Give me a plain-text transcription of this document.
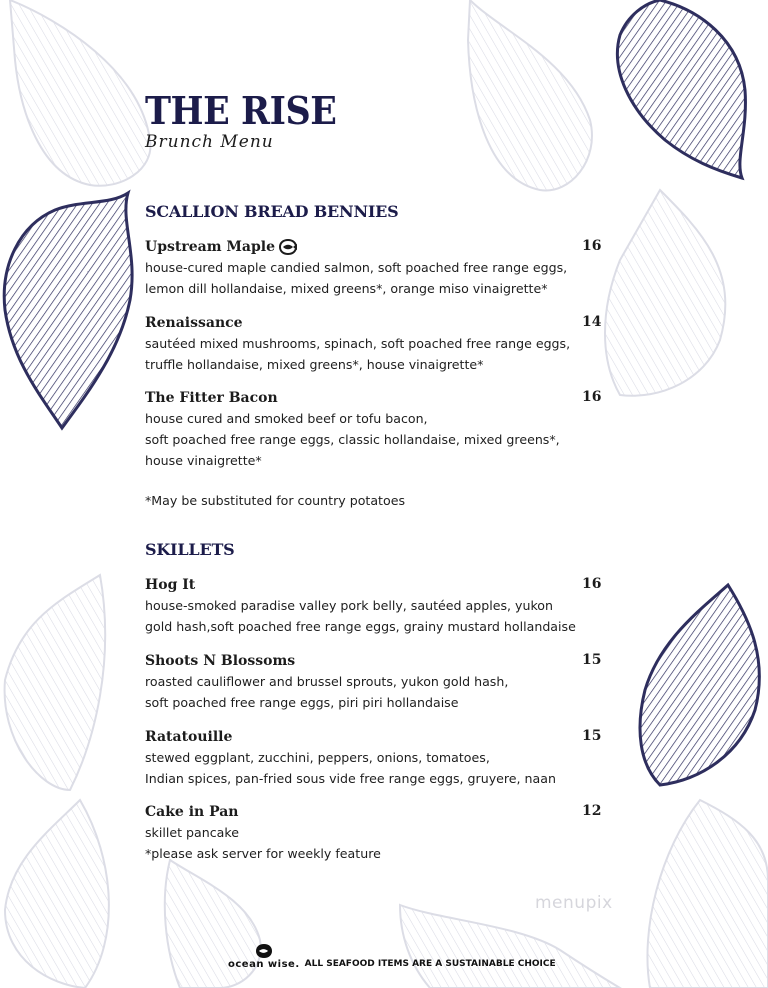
THE RISE
Brunch Menu
SCALLION BREAD BENNIES
Upstream Maple	16
house-cured maple candied salmon, soft poached free range eggs,
lemon dill hollandaise, mixed greens*, orange miso vinaigrette*
Renaissance	14
sautéed mixed mushrooms, spinach, soft poached free range eggs,
truffle hollandaise, mixed greens*, house vinaigrette*
The Fitter Bacon	16
house cured and smoked beef or tofu bacon,
soft poached free range eggs, classic hollandaise, mixed greens*,
house vinaigrette*
*May be substituted for country potatoes
SKILLETS
Hog It	16
house-smoked paradise valley pork belly, sautéed apples, yukon
gold hash,soft poached free range eggs, grainy mustard hollandaise
Shoots N Blossoms	15
roasted cauliflower and brussel sprouts, yukon gold hash,
soft poached free range eggs, piri piri hollandaise
Ratatouille	15
stewed eggplant, zucchini, peppers, onions, tomatoes,
Indian spices, pan-fried sous vide free range eggs, gruyere, naan
Cake in Pan	12
skillet pancake
*please ask server for weekly feature
menupix
ocean wise. ALL SEAFOOD ITEMS ARE A SUSTAINABLE CHOICE
